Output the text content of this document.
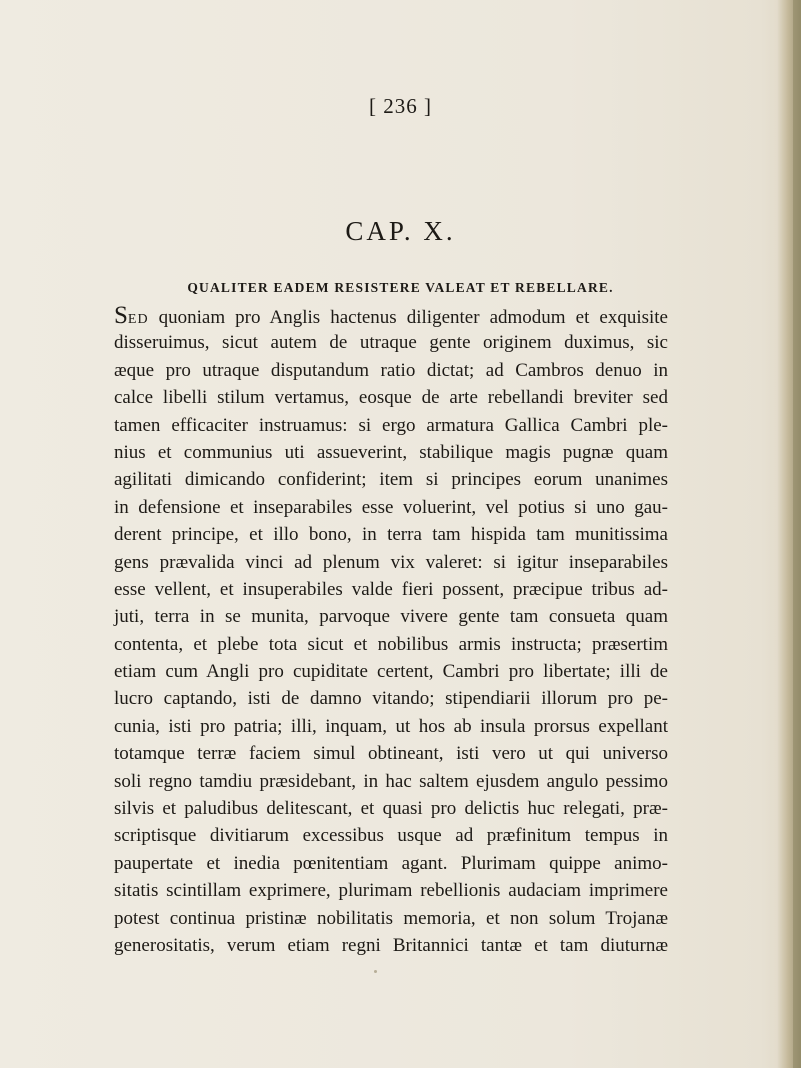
[ 236 ]
CAP. X.
QUALITER EADEM RESISTERE VALEAT ET REBELLARE.
SED quoniam pro Anglis hactenus diligenter admodum et exquisite
disseruimus, sicut autem de utraque gente originem duximus, sic
æque pro utraque disputandum ratio dictat; ad Cambros denuo in
calce libelli stilum vertamus, eosque de arte rebellandi breviter sed
tamen efficaciter instruamus: si ergo armatura Gallica Cambri ple-
nius et communius uti assueverint, stabilique magis pugnæ quam
agilitati dimicando confiderint; item si principes eorum unanimes
in defensione et inseparabiles esse voluerint, vel potius si uno gau-
derent principe, et illo bono, in terra tam hispida tam munitissima
gens prævalida vinci ad plenum vix valeret: si igitur inseparabiles
esse vellent, et insuperabiles valde fieri possent, præcipue tribus ad-
juti, terra in se munita, parvoque vivere gente tam consueta quam
contenta, et plebe tota sicut et nobilibus armis instructa; præsertim
etiam cum Angli pro cupiditate certent, Cambri pro libertate; illi de
lucro captando, isti de damno vitando; stipendiarii illorum pro pe-
cunia, isti pro patria; illi, inquam, ut hos ab insula prorsus expellant
totamque terræ faciem simul obtineant, isti vero ut qui universo
soli regno tamdiu præsidebant, in hac saltem ejusdem angulo pessimo
silvis et paludibus delitescant, et quasi pro delictis huc relegati, præ-
scriptisque divitiarum excessibus usque ad præfinitum tempus in
paupertate et inedia pœnitentiam agant. Plurimam quippe animo-
sitatis scintillam exprimere, plurimam rebellionis audaciam imprimere
potest continua pristinæ nobilitatis memoria, et non solum Trojanæ
generositatis, verum etiam regni Britannici tantæ et tam diuturnæ
